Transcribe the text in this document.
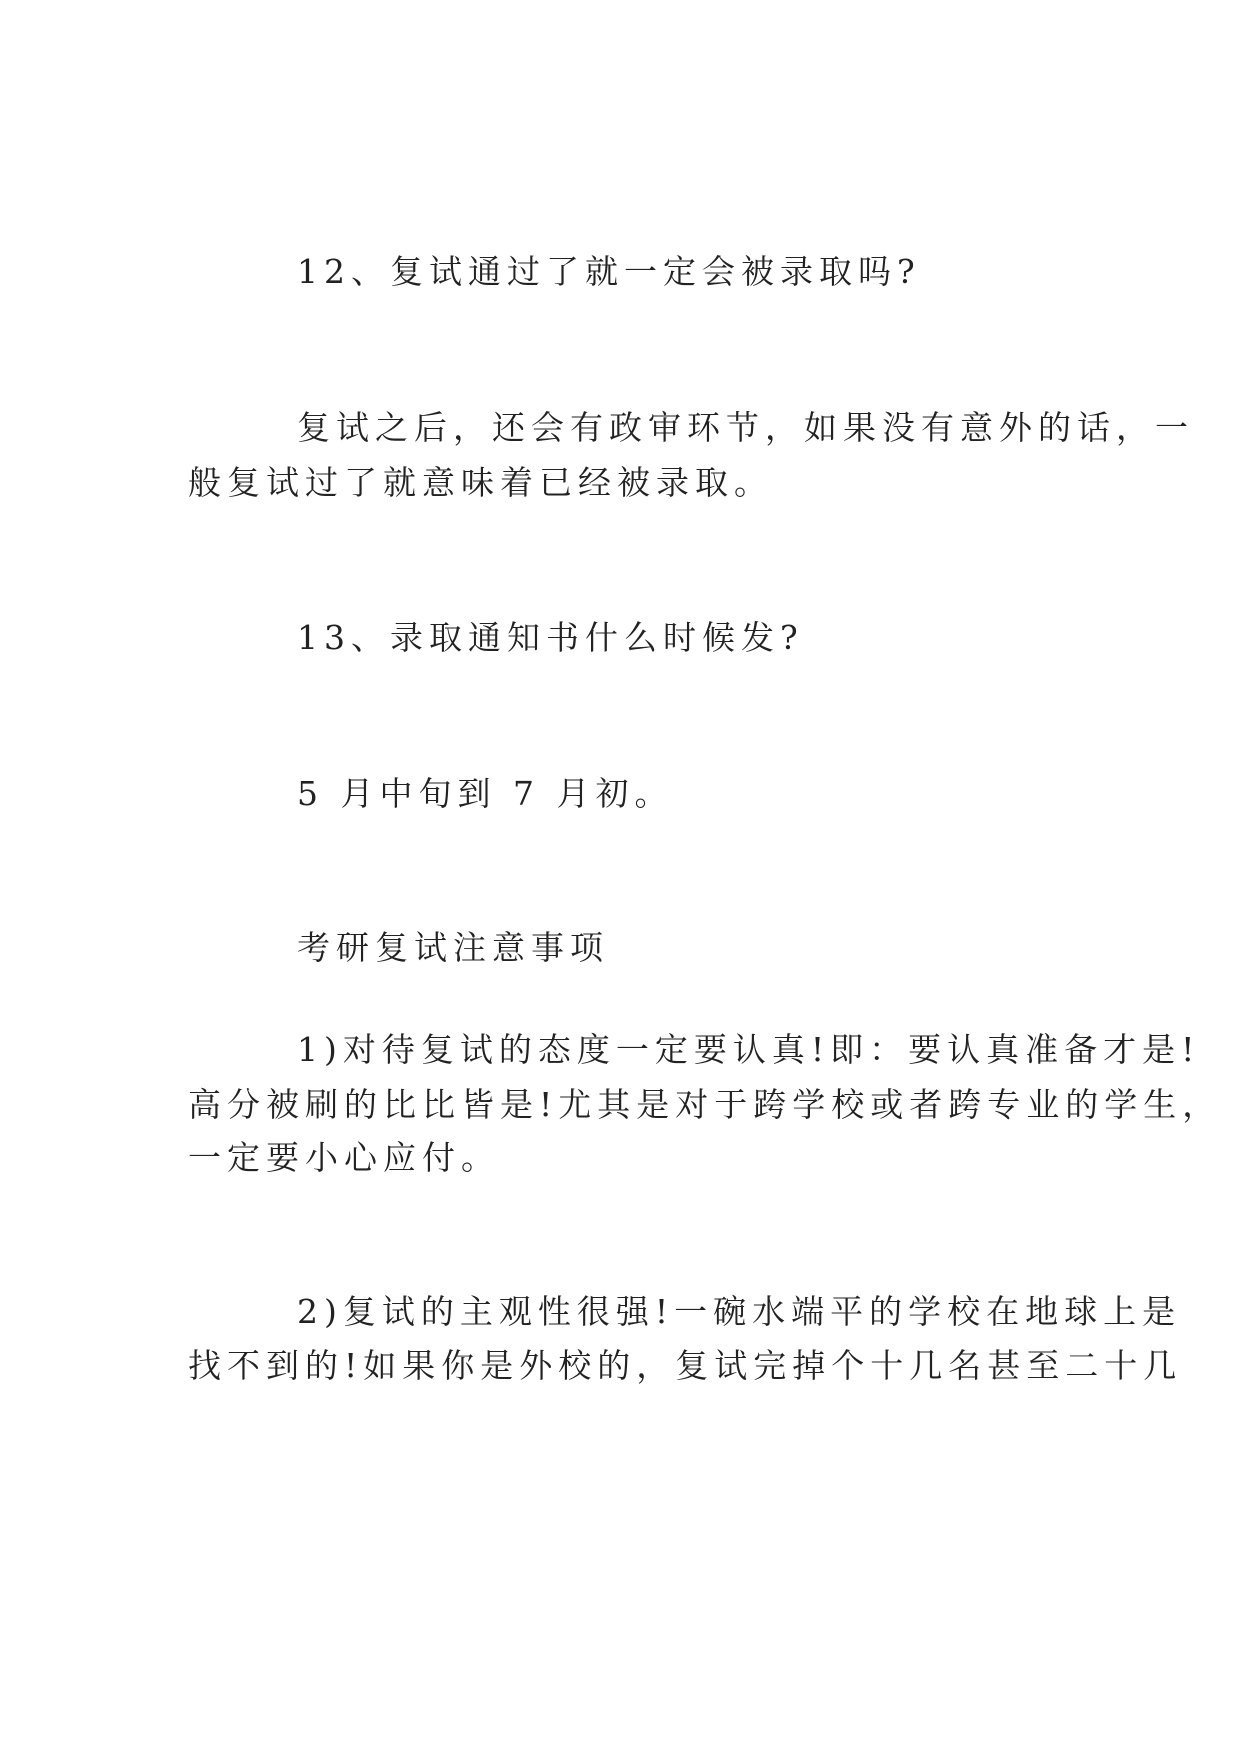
12、复试通过了就一定会被录取吗?

复试之后，还会有政审环节，如果没有意外的话，一

般复试过了就意味着已经被录取。

13、录取通知书什么时候发?

5 月中旬到 7 月初。

考研复试注意事项

1)对待复试的态度一定要认真!即：要认真准备才是!

高分被刷的比比皆是!尤其是对于跨学校或者跨专业的学生，

一定要小心应付。

2)复试的主观性很强!一碗水端平的学校在地球上是

找不到的!如果你是外校的，复试完掉个十几名甚至二十几
